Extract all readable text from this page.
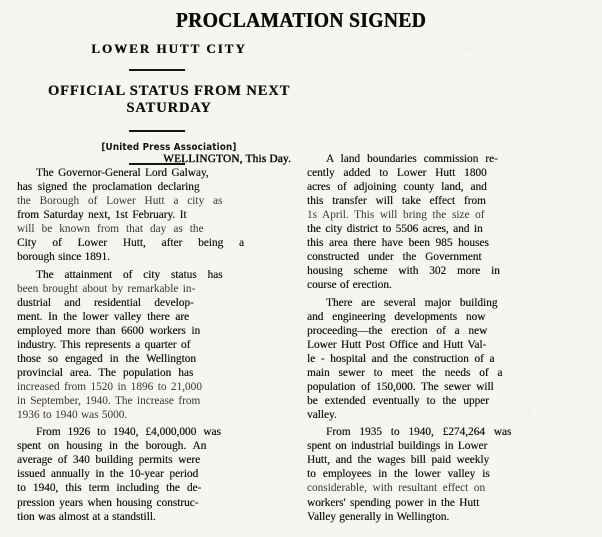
PROCLAMATION SIGNED
LOWER HUTT CITY
OFFICIAL STATUS FROM NEXT
SATURDAY
[United Press Association]

WELLINGTON, This Day.
The Governor-General Lord Galway,
has signed the proclamation declaring
the Borough of Lower Hutt a city as
from Saturday next, 1st February. It
will be known from that day as the
City of Lower Hutt, after being a
borough since 1891.

The attainment of city status has
been brought about by remarkable in-
dustrial and residential develop-
ment. In the lower valley there are
employed more than 6600 workers in
industry. This represents a quarter of
those so engaged in the Wellington
provincial area. The population has
increased from 1520 in 1896 to 21,000
in September, 1940. The increase from
1936 to 1940 was 5000.

From 1926 to 1940, £4,000,000 was
spent on housing in the borough. An
average of 340 building permits were
issued annually in the 10-year period
to 1940, this term including the de-
pression years when housing construc-
tion was almost at a standstill.

A land boundaries commission re-
cently added to Lower Hutt 1800
acres of adjoining county land, and
this transfer will take effect from
1s April. This will bring the size of
the city district to 5506 acres, and in
this area there have been 985 houses
constructed under the Government
housing scheme with 302 more in
course of erection.

There are several major building
and engineering developments now
proceeding—the erection of a new
Lower Hutt Post Office and Hutt Val-
le - hospital and the construction of a
main sewer to meet the needs of a
population of 150,000. The sewer will
be extended eventually to the upper
valley.

From 1935 to 1940, £274,264 was
spent on industrial buildings in Lower
Hutt, and the wages bill paid weekly
to employees in the lower valley is
considerable, with resultant effect on
workers' spending power in the Hutt
Valley generally in Wellington.
